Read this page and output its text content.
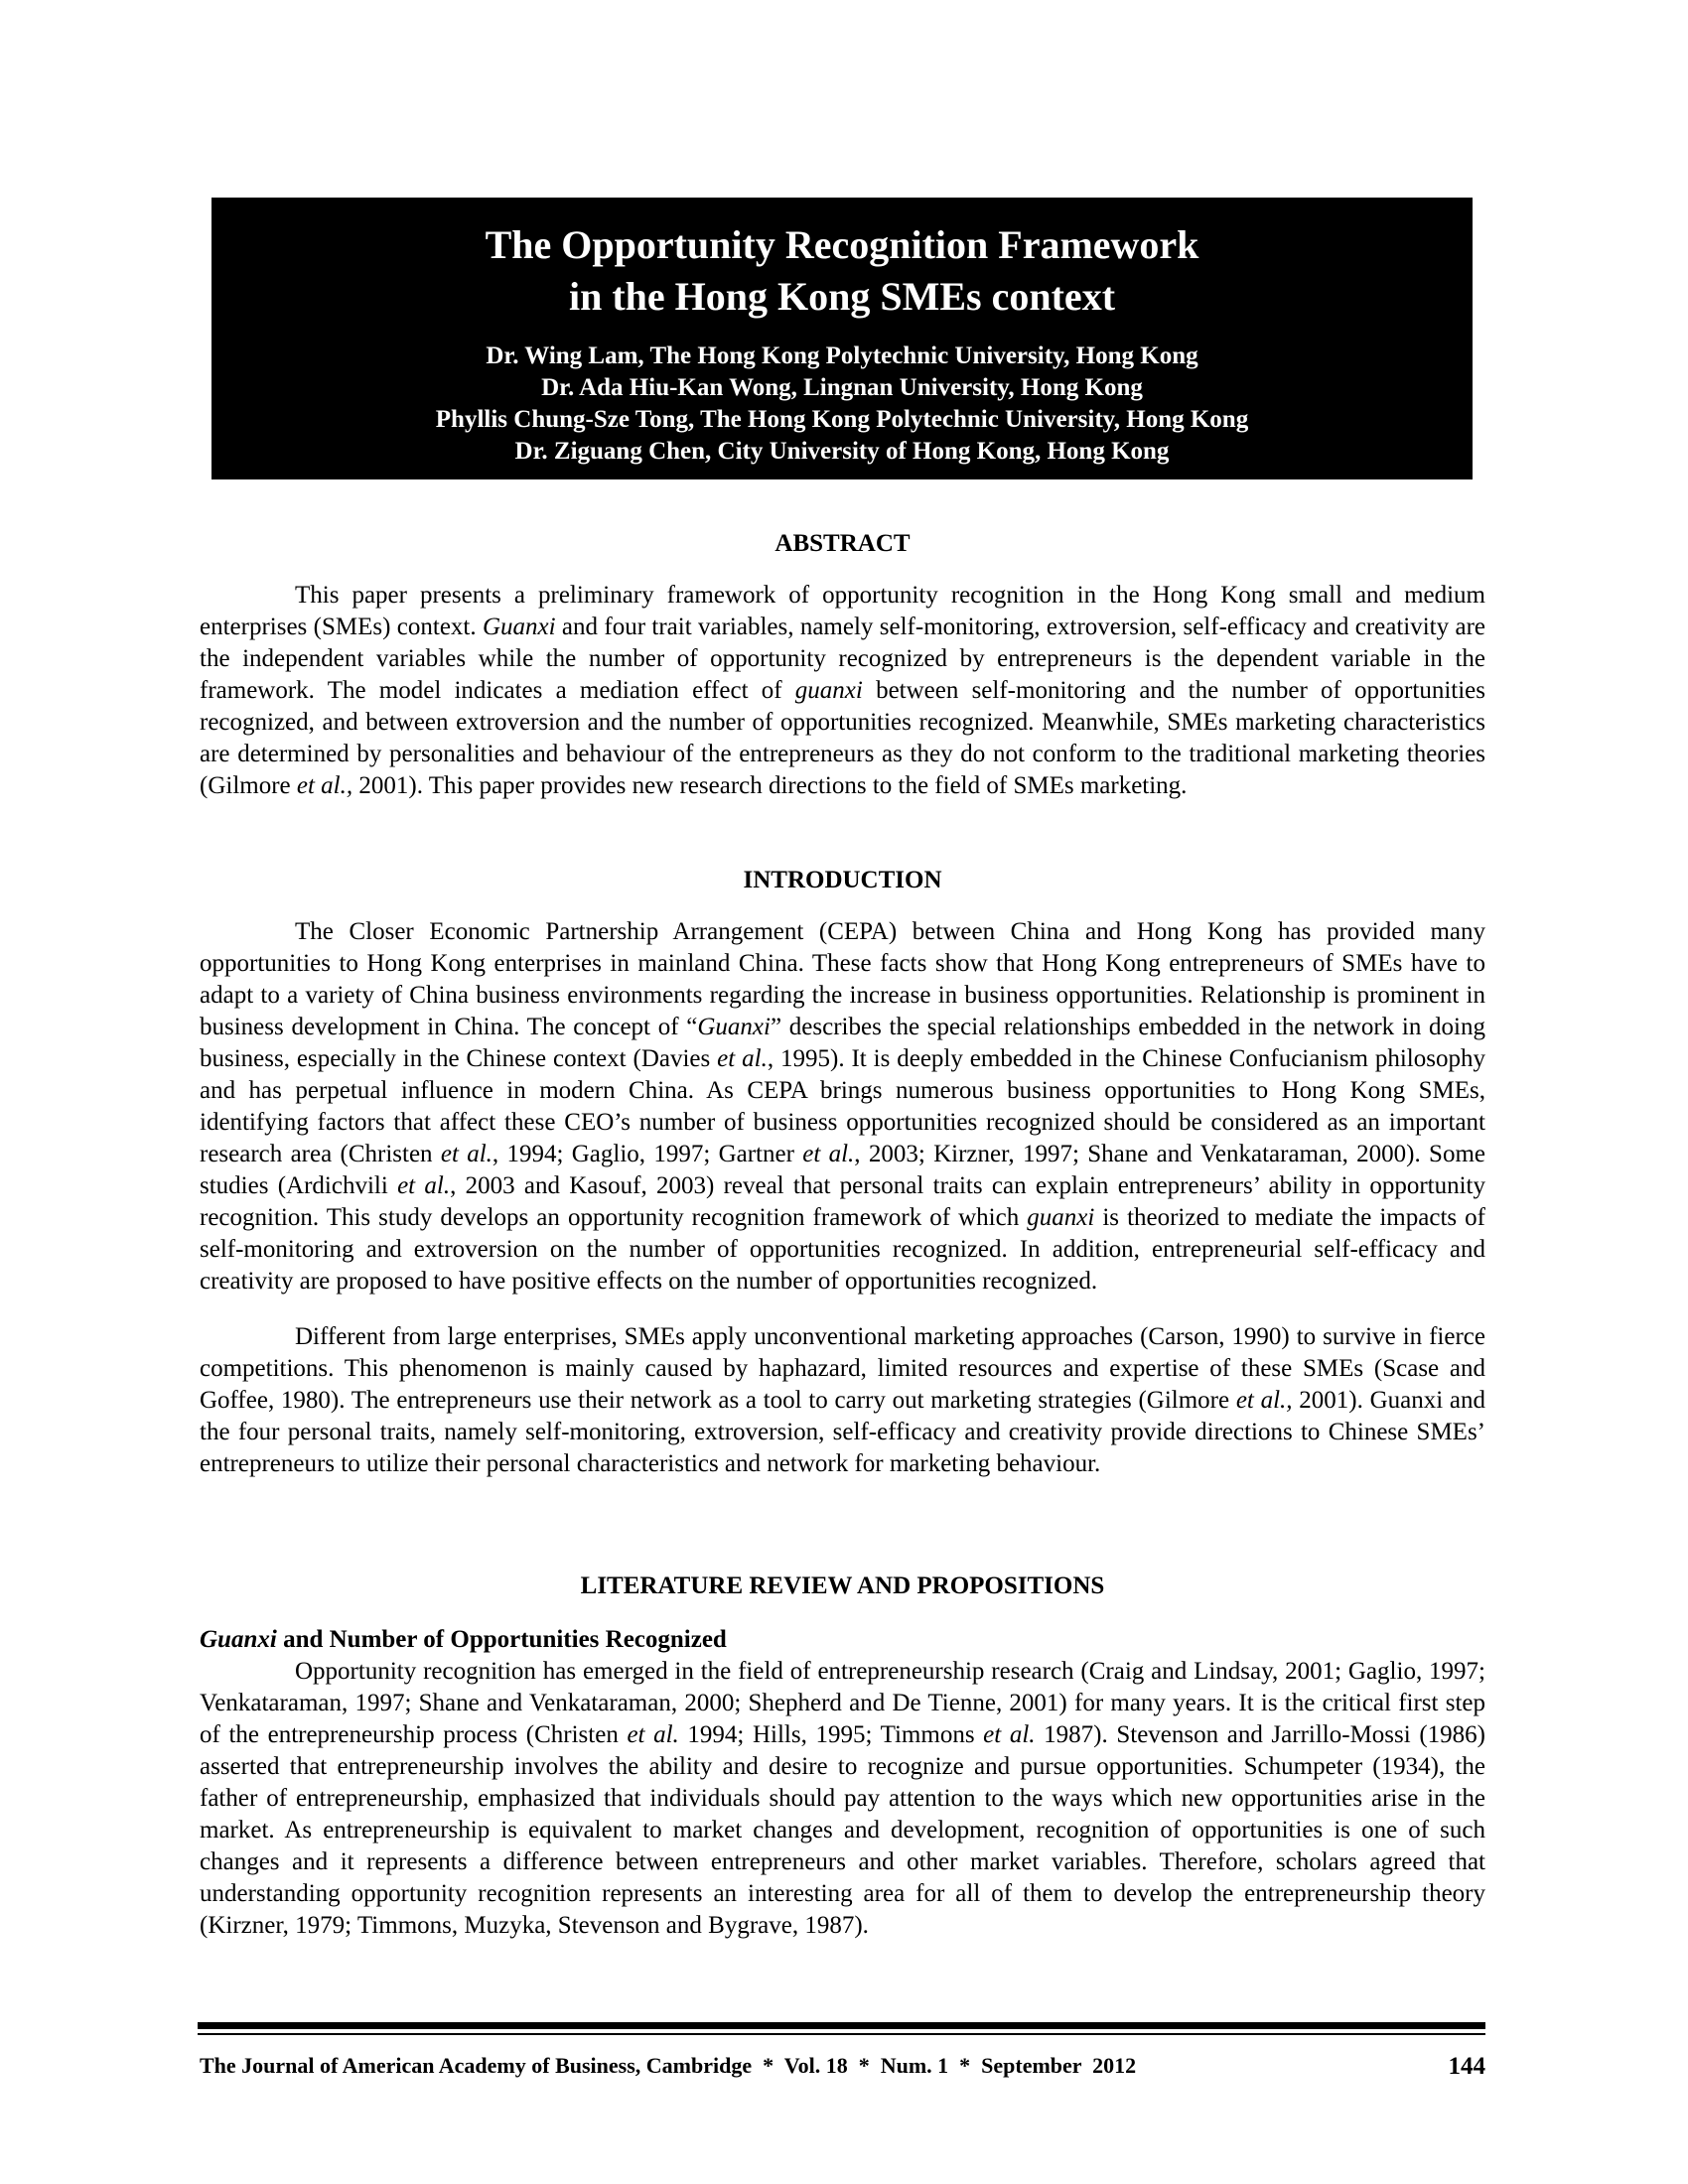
The Opportunity Recognition Framework
in the Hong Kong SMEs context
Dr. Wing Lam, The Hong Kong Polytechnic University, Hong Kong
Dr. Ada Hiu-Kan Wong, Lingnan University, Hong Kong
Phyllis Chung-Sze Tong, The Hong Kong Polytechnic University, Hong Kong
Dr. Ziguang Chen, City University of Hong Kong, Hong Kong
ABSTRACT

This paper presents a preliminary framework of opportunity recognition in the Hong Kong small and medium enterprises (SMEs) context. Guanxi and four trait variables, namely self-monitoring, extroversion, self-efficacy and creativity are the independent variables while the number of opportunity recognized by entrepreneurs is the dependent variable in the framework. The model indicates a mediation effect of guanxi between self-monitoring and the number of opportunities recognized, and between extroversion and the number of opportunities recognized. Meanwhile, SMEs marketing characteristics are determined by personalities and behaviour of the entrepreneurs as they do not conform to the traditional marketing theories (Gilmore et al., 2001). This paper provides new research directions to the field of SMEs marketing.

INTRODUCTION

The Closer Economic Partnership Arrangement (CEPA) between China and Hong Kong has provided many opportunities to Hong Kong enterprises in mainland China. These facts show that Hong Kong entrepreneurs of SMEs have to adapt to a variety of China business environments regarding the increase in business opportunities. Relationship is prominent in business development in China. The concept of “Guanxi” describes the special relationships embedded in the network in doing business, especially in the Chinese context (Davies et al., 1995). It is deeply embedded in the Chinese Confucianism philosophy and has perpetual influence in modern China. As CEPA brings numerous business opportunities to Hong Kong SMEs, identifying factors that affect these CEO’s number of business opportunities recognized should be considered as an important research area (Christen et al., 1994; Gaglio, 1997; Gartner et al., 2003; Kirzner, 1997; Shane and Venkataraman, 2000). Some studies (Ardichvili et al., 2003 and Kasouf, 2003) reveal that personal traits can explain entrepreneurs’ ability in opportunity recognition. This study develops an opportunity recognition framework of which guanxi is theorized to mediate the impacts of self-monitoring and extroversion on the number of opportunities recognized. In addition, entrepreneurial self-efficacy and creativity are proposed to have positive effects on the number of opportunities recognized.

Different from large enterprises, SMEs apply unconventional marketing approaches (Carson, 1990) to survive in fierce competitions. This phenomenon is mainly caused by haphazard, limited resources and expertise of these SMEs (Scase and Goffee, 1980). The entrepreneurs use their network as a tool to carry out marketing strategies (Gilmore et al., 2001). Guanxi and the four personal traits, namely self-monitoring, extroversion, self-efficacy and creativity provide directions to Chinese SMEs’ entrepreneurs to utilize their personal characteristics and network for marketing behaviour.

LITERATURE REVIEW AND PROPOSITIONS

Guanxi and Number of Opportunities Recognized

Opportunity recognition has emerged in the field of entrepreneurship research (Craig and Lindsay, 2001; Gaglio, 1997; Venkataraman, 1997; Shane and Venkataraman, 2000; Shepherd and De Tienne, 2001) for many years. It is the critical first step of the entrepreneurship process (Christen et al. 1994; Hills, 1995; Timmons et al. 1987). Stevenson and Jarrillo-Mossi (1986) asserted that entrepreneurship involves the ability and desire to recognize and pursue opportunities. Schumpeter (1934), the father of entrepreneurship, emphasized that individuals should pay attention to the ways which new opportunities arise in the market. As entrepreneurship is equivalent to market changes and development, recognition of opportunities is one of such changes and it represents a difference between entrepreneurs and other market variables. Therefore, scholars agreed that understanding opportunity recognition represents an interesting area for all of them to develop the entrepreneurship theory (Kirzner, 1979; Timmons, Muzyka, Stevenson and Bygrave, 1987).

The Journal of American Academy of Business, Cambridge  *  Vol. 18  *  Num. 1  *  September  2012	144
